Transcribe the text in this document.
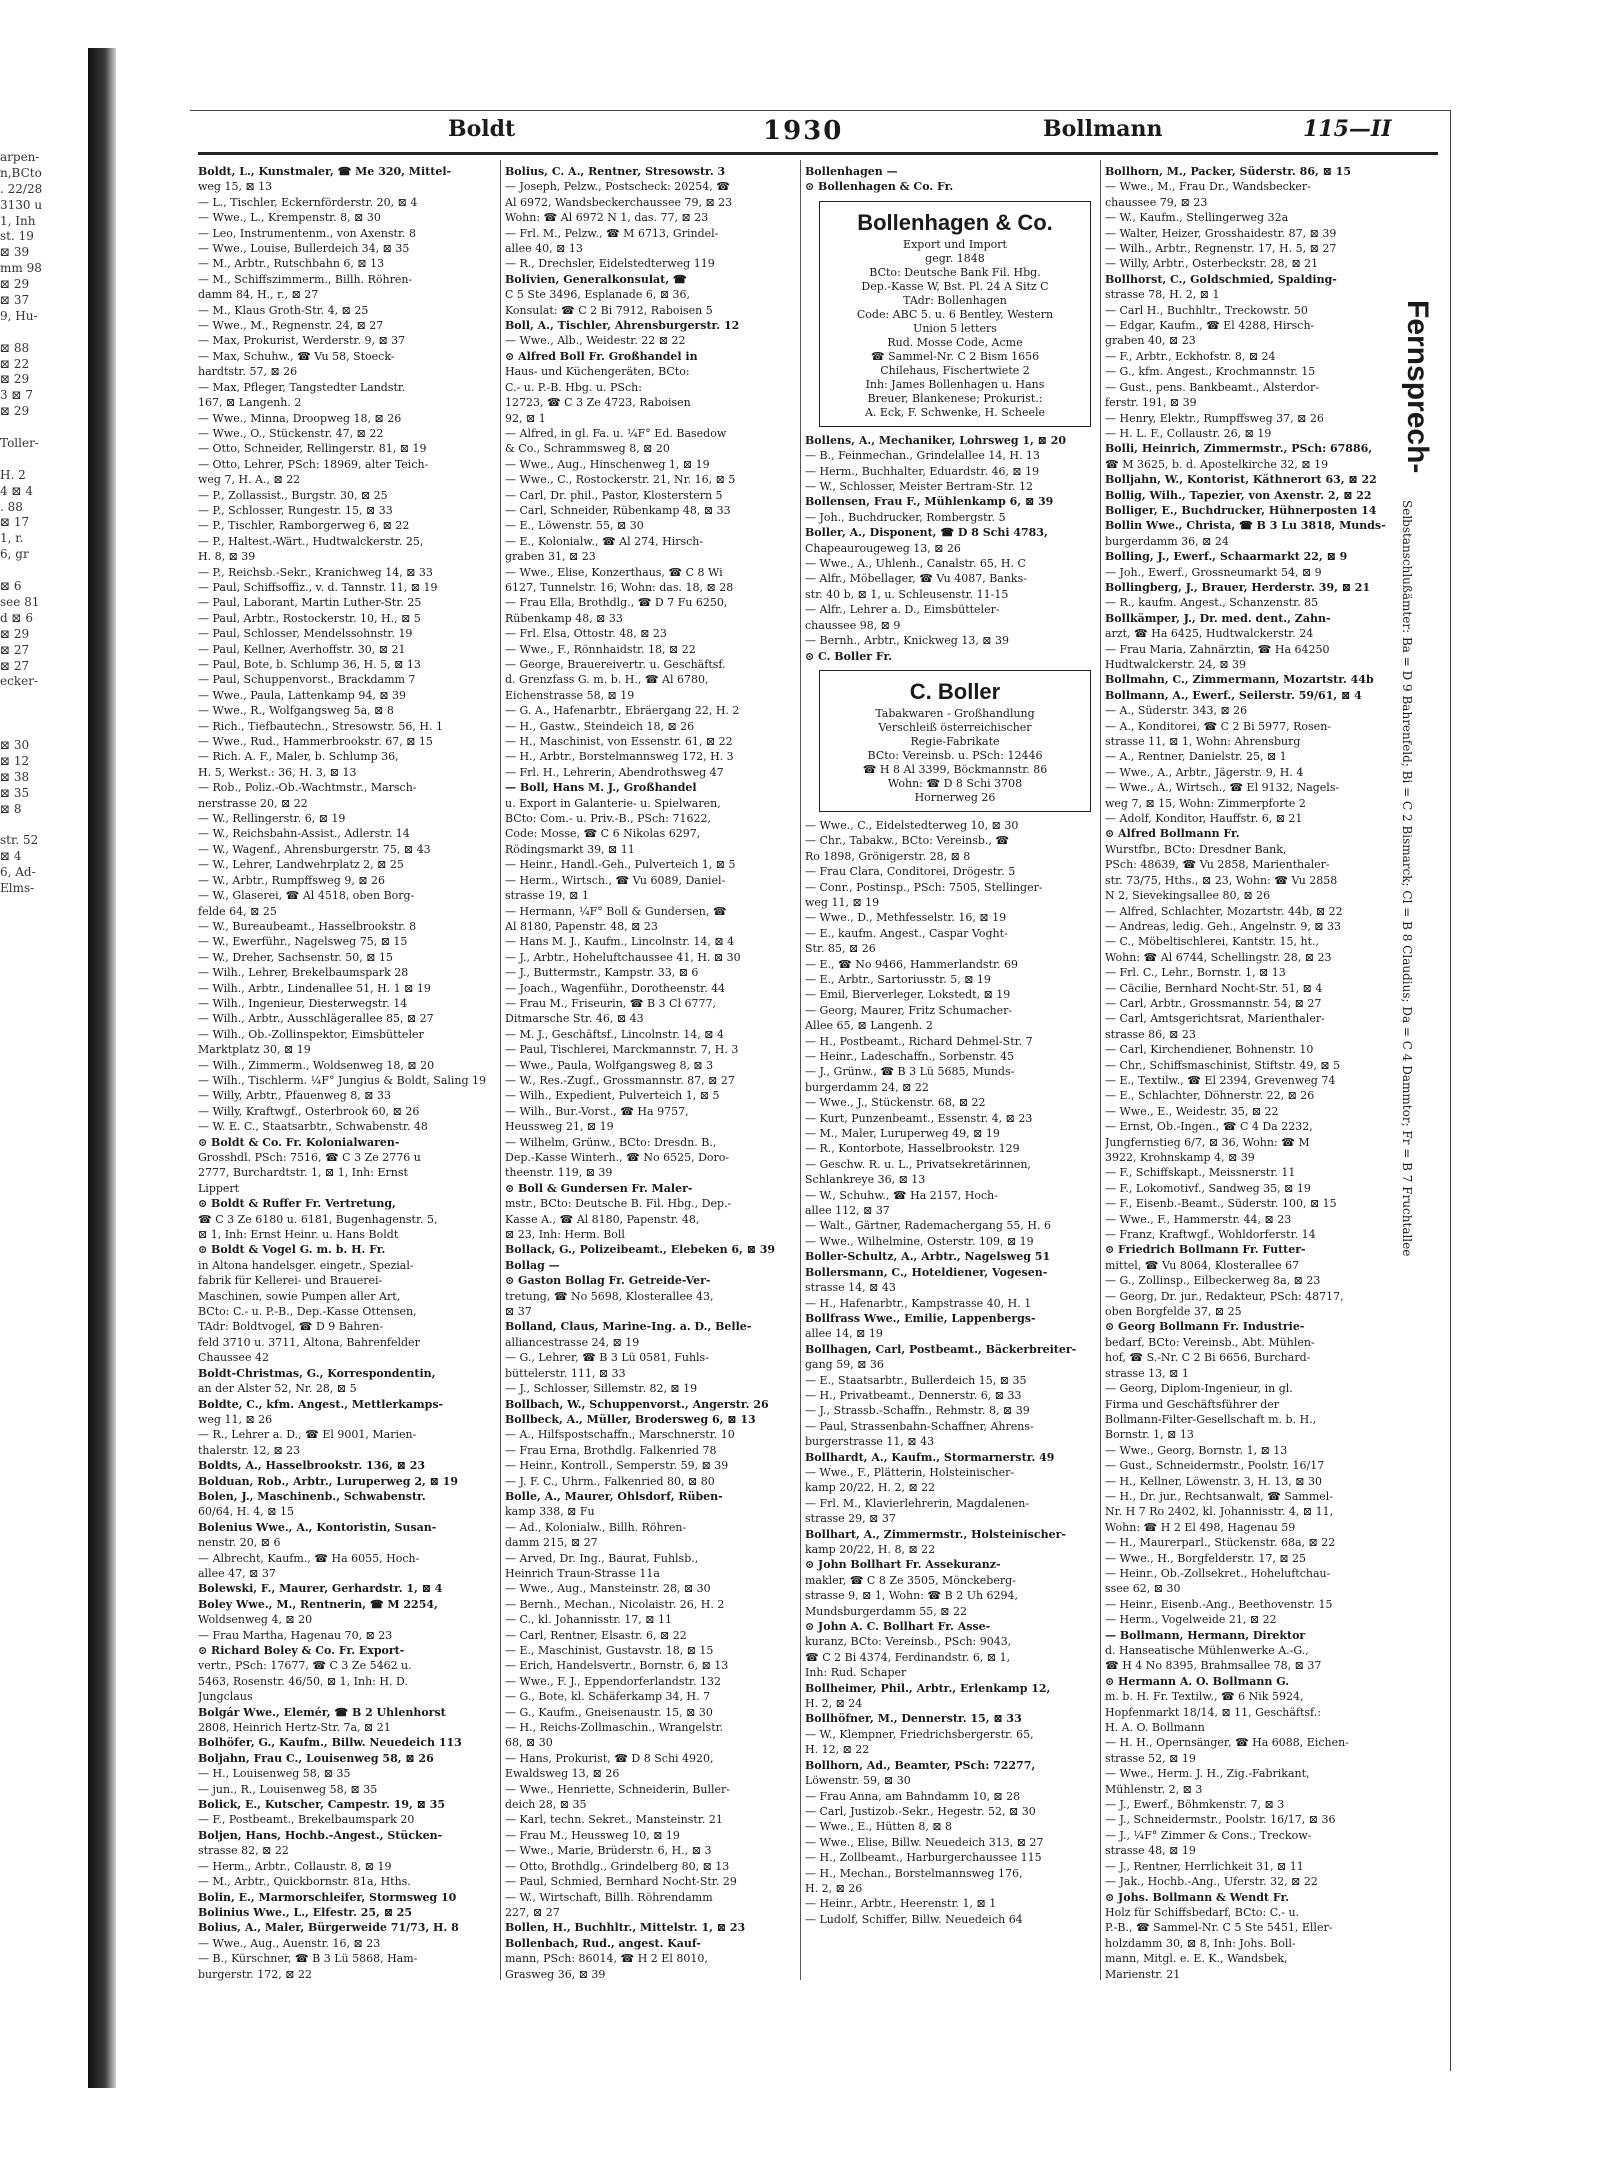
arpen-
n,BCto
. 22/28
3130 u
1, Inh
st. 19
⊠ 39
mm 98
⊠ 29
⊠ 37
9, Hu-
⊠ 88
⊠ 22
⊠ 29
3 ⊠ 7
⊠ 29
Toller-
H. 2
4 ⊠ 4
. 88
⊠ 17
1, r.
6, gr
⊠ 6
see 81
d ⊠ 6
⊠ 29
⊠ 27
⊠ 27
ecker-
⊠ 30
⊠ 12
⊠ 38
⊠ 35
⊠ 8
str. 52
⊠ 4
6, Ad-
Elms-
Boldt	1930	Bollmann	115—II
Boldt, L., Kunstmaler, ☎ Me 320, Mittel-
weg 15, ⊠ 13
— L., Tischler, Eckernförderstr. 20, ⊠ 4
— Wwe., L., Krempenstr. 8, ⊠ 30
— Leo, Instrumentenm., von Axenstr. 8
— Wwe., Louise, Bullerdeich 34, ⊠ 35
— M., Arbtr., Rutschbahn 6, ⊠ 13
— M., Schiffszimmerm., Billh. Röhren-
damm 84, H., r., ⊠ 27
— M., Klaus Groth-Str. 4, ⊠ 25
— Wwe., M., Regnenstr. 24, ⊠ 27
— Max, Prokurist, Werderstr. 9, ⊠ 37
— Max, Schuhw., ☎ Vu 58, Stoeck-
hardtstr. 57, ⊠ 26
— Max, Pfleger, Tangstedter Landstr.
167, ⊠ Langenh. 2
— Wwe., Minna, Droopweg 18, ⊠ 26
— Wwe., O., Stückenstr. 47, ⊠ 22
— Otto, Schneider, Rellingerstr. 81, ⊠ 19
— Otto, Lehrer, PSch: 18969, alter Teich-
weg 7, H. A., ⊠ 22
— P., Zollassist., Burgstr. 30, ⊠ 25
— P., Schlosser, Rungestr. 15, ⊠ 33
— P., Tischler, Ramborgerweg 6, ⊠ 22
— P., Haltest.-Wärt., Hudtwalckerstr. 25,
H. 8, ⊠ 39
— P., Reichsb.-Sekr., Kranichweg 14, ⊠ 33
— Paul, Schiffsoffiz., v. d. Tannstr. 11, ⊠ 19
— Paul, Laborant, Martin Luther-Str. 25
— Paul, Arbtr., Rostockerstr. 10, H., ⊠ 5
— Paul, Schlosser, Mendelssohnstr. 19
— Paul, Kellner, Averhoffstr. 30, ⊠ 21
— Paul, Bote, b. Schlump 36, H. 5, ⊠ 13
— Paul, Schuppenvorst., Brackdamm 7
— Wwe., Paula, Lattenkamp 94, ⊠ 39
— Wwe., R., Wolfgangsweg 5a, ⊠ 8
— Rich., Tiefbautechn., Stresowstr. 56, H. 1
— Wwe., Rud., Hammerbrookstr. 67, ⊠ 15
— Rich. A. F., Maler, b. Schlump 36,
H. 5, Werkst.: 36, H. 3, ⊠ 13
— Rob., Poliz.-Ob.-Wachtmstr., Marsch-
nerstrasse 20, ⊠ 22
— W., Rellingerstr. 6, ⊠ 19
— W., Reichsbahn-Assist., Adlerstr. 14
— W., Wagenf., Ahrensburgerstr. 75, ⊠ 43
— W., Lehrer, Landwehrplatz 2, ⊠ 25
— W., Arbtr., Rumpffsweg 9, ⊠ 26
— W., Glaserei, ☎ Al 4518, oben Borg-
felde 64, ⊠ 25
— W., Bureaubeamt., Hasselbrookstr. 8
— W., Ewerführ., Nagelsweg 75, ⊠ 15
— W., Dreher, Sachsenstr. 50, ⊠ 15
— Wilh., Lehrer, Brekelbaumspark 28
— Wilh., Arbtr., Lindenallee 51, H. 1 ⊠ 19
— Wilh., Ingenieur, Diesterwegstr. 14
— Wilh., Arbtr., Ausschlägerallee 85, ⊠ 27
— Wilh., Ob.-Zollinspektor, Eimsbütteler
Marktplatz 30, ⊠ 19
— Wilh., Zimmerm., Woldsenweg 18, ⊠ 20
— Wilh., Tischlerm. ¼F° Jungius & Boldt, Saling 19
— Willy, Arbtr., Pfauenweg 8, ⊠ 33
— Willy, Kraftwgf., Osterbrook 60, ⊠ 26
— W. E. C., Staatsarbtr., Schwabenstr. 48
⊙ Boldt & Co. Fr. Kolonialwaren-
Grosshdl. PSch: 7516, ☎ C 3 Ze 2776 u
2777, Burchardtstr. 1, ⊠ 1, Inh: Ernst
Lippert
⊙ Boldt & Ruffer Fr. Vertretung,
☎ C 3 Ze 6180 u. 6181, Bugenhagenstr. 5,
⊠ 1, Inh: Ernst Heinr. u. Hans Boldt
⊙ Boldt & Vogel G. m. b. H. Fr.
in Altona handelsger. eingetr., Spezial-
fabrik für Kellerei- und Brauerei-
Maschinen, sowie Pumpen aller Art,
BCto: C.- u. P.-B., Dep.-Kasse Ottensen,
TAdr: Boldtvogel, ☎ D 9 Bahren-
feld 3710 u. 3711, Altona, Bahrenfelder
Chaussee 42
Boldt-Christmas, G., Korrespondentin,
an der Alster 52, Nr. 28, ⊠ 5
Boldte, C., kfm. Angest., Mettlerkamps-
weg 11, ⊠ 26
— R., Lehrer a. D., ☎ El 9001, Marien-
thalerstr. 12, ⊠ 23
Boldts, A., Hasselbrookstr. 136, ⊠ 23
Bolduan, Rob., Arbtr., Luruperweg 2, ⊠ 19
Bolen, J., Maschinenb., Schwabenstr.
60/64, H. 4, ⊠ 15
Bolenius Wwe., A., Kontoristin, Susan-
nenstr. 20, ⊠ 6
— Albrecht, Kaufm., ☎ Ha 6055, Hoch-
allee 47, ⊠ 37
Bolewski, F., Maurer, Gerhardstr. 1, ⊠ 4
Boley Wwe., M., Rentnerin, ☎ M 2254,
Woldsenweg 4, ⊠ 20
— Frau Martha, Hagenau 70, ⊠ 23
⊙ Richard Boley & Co. Fr. Export-
vertr., PSch: 17677, ☎ C 3 Ze 5462 u.
5463, Rosenstr. 46/50, ⊠ 1, Inh: H. D.
Jungclaus
Bolgár Wwe., Elemér, ☎ B 2 Uhlenhorst
2808, Heinrich Hertz-Str. 7a, ⊠ 21
Bolhöfer, G., Kaufm., Billw. Neuedeich 113
Boljahn, Frau C., Louisenweg 58, ⊠ 26
— H., Louisenweg 58, ⊠ 35
— jun., R., Louisenweg 58, ⊠ 35
Bolick, E., Kutscher, Campestr. 19, ⊠ 35
— F., Postbeamt., Brekelbaumspark 20
Boljen, Hans, Hochb.-Angest., Stücken-
strasse 82, ⊠ 22
— Herm., Arbtr., Collaustr. 8, ⊠ 19
— M., Arbtr., Quickbornstr. 81a, Hths.
Bolin, E., Marmorschleifer, Stormsweg 10
Bolinius Wwe., L., Elfestr. 25, ⊠ 25
Bolius, A., Maler, Bürgerweide 71/73, H. 8
— Wwe., Aug., Auenstr. 16, ⊠ 23
— B., Kürschner, ☎ B 3 Lü 5868, Ham-
burgerstr. 172, ⊠ 22
Bolius, C. A., Rentner, Stresowstr. 3
— Joseph, Pelzw., Postscheck: 20254, ☎
Al 6972, Wandsbeckerchaussee 79, ⊠ 23
Wohn: ☎ Al 6972 N 1, das. 77, ⊠ 23
— Frl. M., Pelzw., ☎ M 6713, Grindel-
allee 40, ⊠ 13
— R., Drechsler, Eidelstedterweg 119
Bolivien, Generalkonsulat, ☎
C 5 Ste 3496, Esplanade 6, ⊠ 36,
Konsulat: ☎ C 2 Bi 7912, Raboisen 5
Boll, A., Tischler, Ahrensburgerstr. 12
— Wwe., Alb., Weidestr. 22 ⊠ 22
⊙ Alfred Boll Fr. Großhandel in
Haus- und Küchengeräten, BCto:
C.- u. P.-B. Hbg. u. PSch:
12723, ☎ C 3 Ze 4723, Raboisen
92, ⊠ 1
— Alfred, in gl. Fa. u. ¼F° Ed. Basedow
& Co., Schrammsweg 8, ⊠ 20
— Wwe., Aug., Hinschenweg 1, ⊠ 19
— Wwe., C., Rostockerstr. 21, Nr. 16, ⊠ 5
— Carl, Dr. phil., Pastor, Klosterstern 5
— Carl, Schneider, Rübenkamp 48, ⊠ 33
— E., Löwenstr. 55, ⊠ 30
— E., Kolonialw., ☎ Al 274, Hirsch-
graben 31, ⊠ 23
— Wwe., Elise, Konzerthaus, ☎ C 8 Wi
6127, Tunnelstr. 16, Wohn: das. 18, ⊠ 28
— Frau Ella, Brothdlg., ☎ D 7 Fu 6250,
Rübenkamp 48, ⊠ 33
— Frl. Elsa, Ottostr. 48, ⊠ 23
— Wwe., F., Rönnhaidstr. 18, ⊠ 22
— George, Brauereivertr. u. Geschäftsf.
d. Grenzfass G. m. b. H., ☎ Al 6780,
Eichenstrasse 58, ⊠ 19
— G. A., Hafenarbtr., Ebräergang 22, H. 2
— H., Gastw., Steindeich 18, ⊠ 26
— H., Maschinist, von Essenstr. 61, ⊠ 22
— H., Arbtr., Borstelmannsweg 172, H. 3
— Frl. H., Lehrerin, Abendrothsweg 47
— Boll, Hans M. J., Großhandel
u. Export in Galanterie- u. Spielwaren,
BCto: Com.- u. Priv.-B., PSch: 71622,
Code: Mosse, ☎ C 6 Nikolas 6297,
Rödingsmarkt 39, ⊠ 11
— Heinr., Handl.-Geh., Pulverteich 1, ⊠ 5
— Herm., Wirtsch., ☎ Vu 6089, Daniel-
strasse 19, ⊠ 1
— Hermann, ¼F° Boll & Gundersen, ☎
Al 8180, Papenstr. 48, ⊠ 23
— Hans M. J., Kaufm., Lincolnstr. 14, ⊠ 4
— J., Arbtr., Hoheluftchaussee 41, H. ⊠ 30
— J., Buttermstr., Kampstr. 33, ⊠ 6
— Joach., Wagenführ., Dorotheenstr. 44
— Frau M., Friseurin, ☎ B 3 Cl 6777,
Ditmarsche Str. 46, ⊠ 43
— M. J., Geschäftsf., Lincolnstr. 14, ⊠ 4
— Paul, Tischlerei, Marckmannstr. 7, H. 3
— Wwe., Paula, Wolfgangsweg 8, ⊠ 3
— W., Res.-Zugf., Grossmannstr. 87, ⊠ 27
— Wilh., Expedient, Pulverteich 1, ⊠ 5
— Wilh., Bur.-Vorst., ☎ Ha 9757,
Heussweg 21, ⊠ 19
— Wilhelm, Grünw., BCto: Dresdn. B.,
Dep.-Kasse Winterh., ☎ No 6525, Doro-
theenstr. 119, ⊠ 39
⊙ Boll & Gundersen Fr. Maler-
mstr., BCto: Deutsche B. Fil. Hbg., Dep.-
Kasse A., ☎ Al 8180, Papenstr. 48,
⊠ 23, Inh: Herm. Boll
Bollack, G., Polizeibeamt., Elebeken 6, ⊠ 39
Bollag —
⊙ Gaston Bollag Fr. Getreide-Ver-
tretung, ☎ No 5698, Klosterallee 43,
⊠ 37
Bolland, Claus, Marine-Ing. a. D., Belle-
alliancestrasse 24, ⊠ 19
— G., Lehrer, ☎ B 3 Lü 0581, Fuhls-
büttelerstr. 111, ⊠ 33
— J., Schlosser, Sillemstr. 82, ⊠ 19
Bollbach, W., Schuppenvorst., Angerstr. 26
Bollbeck, A., Müller, Brodersweg 6, ⊠ 13
— A., Hilfspostschaffn., Marschnerstr. 10
— Frau Erna, Brothdlg. Falkenried 78
— Heinr., Kontroll., Semperstr. 59, ⊠ 39
— J. F. C., Uhrm., Falkenried 80, ⊠ 80
Bolle, A., Maurer, Ohlsdorf, Rüben-
kamp 338, ⊠ Fu
— Ad., Kolonialw., Billh. Röhren-
damm 215, ⊠ 27
— Arved, Dr. Ing., Baurat, Fuhlsb.,
Heinrich Traun-Strasse 11a
— Wwe., Aug., Mansteinstr. 28, ⊠ 30
— Bernh., Mechan., Nicolaistr. 26, H. 2
— C., kl. Johannisstr. 17, ⊠ 11
— Carl, Rentner, Elsastr. 6, ⊠ 22
— E., Maschinist, Gustavstr. 18, ⊠ 15
— Erich, Handelsvertr., Bornstr. 6, ⊠ 13
— Wwe., F. J., Eppendorferlandstr. 132
— G., Bote, kl. Schäferkamp 34, H. 7
— G., Kaufm., Gneisenaustr. 15, ⊠ 30
— H., Reichs-Zollmaschin., Wrangelstr.
68, ⊠ 30
— Hans, Prokurist, ☎ D 8 Schi 4920,
Ewaldsweg 13, ⊠ 26
— Wwe., Henriette, Schneiderin, Buller-
deich 28, ⊠ 35
— Karl, techn. Sekret., Mansteinstr. 21
— Frau M., Heussweg 10, ⊠ 19
— Wwe., Marie, Brüderstr. 6, H., ⊠ 3
— Otto, Brothdlg., Grindelberg 80, ⊠ 13
— Paul, Schmied, Bernhard Nocht-Str. 29
— W., Wirtschaft, Billh. Röhrendamm
227, ⊠ 27
Bollen, H., Buchhltr., Mittelstr. 1, ⊠ 23
Bollenbach, Rud., angest. Kauf-
mann, PSch: 86014, ☎ H 2 El 8010,
Grasweg 36, ⊠ 39
Bollenhagen —
⊙ Bollenhagen & Co. Fr.
Bollenhagen & Co.
Export und Import
gegr. 1848
BCto: Deutsche Bank Fil. Hbg.
Dep.-Kasse W, Bst. Pl. 24 A Sitz C
TAdr: Bollenhagen
Code: ABC 5. u. 6 Bentley, Western
Union 5 letters
Rud. Mosse Code, Acme
☎ Sammel-Nr. C 2 Bism 1656
Chilehaus, Fischertwiete 2
Inh: James Bollenhagen u. Hans
Breuer, Blankenese; Prokurist.:
A. Eck, F. Schwenke, H. Scheele
Bollens, A., Mechaniker, Lohrsweg 1, ⊠ 20
— B., Feinmechan., Grindelallee 14, H. 13
— Herm., Buchhalter, Eduardstr. 46, ⊠ 19
— W., Schlosser, Meister Bertram-Str. 12
Bollensen, Frau F., Mühlenkamp 6, ⊠ 39
— Joh., Buchdrucker, Rombergstr. 5
Boller, A., Disponent, ☎ D 8 Schi 4783,
Chapeaurougeweg 13, ⊠ 26
— Wwe., A., Uhlenh., Canalstr. 65, H. C
— Alfr., Möbellager, ☎ Vu 4087, Banks-
str. 40 b, ⊠ 1, u. Schleusenstr. 11-15
— Alfr., Lehrer a. D., Eimsbütteler-
chaussee 98, ⊠ 9
— Bernh., Arbtr., Knickweg 13, ⊠ 39
⊙ C. Boller Fr.
C. Boller
Tabakwaren - Großhandlung
Verschleiß österreichischer
Regie-Fabrikate
BCto: Vereinsb. u. PSch: 12446
☎ H 8 Al 3399, Böckmannstr. 86
Wohn: ☎ D 8 Schi 3708
Hornerweg 26
— Wwe., C., Eidelstedterweg 10, ⊠ 30
— Chr., Tabakw., BCto: Vereinsb., ☎
Ro 1898, Grönigerstr. 28, ⊠ 8
— Frau Clara, Conditorei, Drögestr. 5
— Conr., Postinsp., PSch: 7505, Stellinger-
weg 11, ⊠ 19
— Wwe., D., Methfesselstr. 16, ⊠ 19
— E., kaufm. Angest., Caspar Voght-
Str. 85, ⊠ 26
— E., ☎ No 9466, Hammerlandstr. 69
— E., Arbtr., Sartoriusstr. 5, ⊠ 19
— Emil, Bierverleger, Lokstedt, ⊠ 19
— Georg, Maurer, Fritz Schumacher-
Allee 65, ⊠ Langenh. 2
— H., Postbeamt., Richard Dehmel-Str. 7
— Heinr., Ladeschaffn., Sorbenstr. 45
— J., Grünw., ☎ B 3 Lü 5685, Munds-
burgerdamm 24, ⊠ 22
— Wwe., J., Stückenstr. 68, ⊠ 22
— Kurt, Punzenbeamt., Essenstr. 4, ⊠ 23
— M., Maler, Luruperweg 49, ⊠ 19
— R., Kontorbote, Hasselbrookstr. 129
— Geschw. R. u. L., Privatsekretärinnen,
Schlankreye 36, ⊠ 13
— W., Schuhw., ☎ Ha 2157, Hoch-
allee 112, ⊠ 37
— Walt., Gärtner, Rademachergang 55, H. 6
— Wwe., Wilhelmine, Osterstr. 109, ⊠ 19
Boller-Schultz, A., Arbtr., Nagelsweg 51
Bollersmann, C., Hoteldiener, Vogesen-
strasse 14, ⊠ 43
— H., Hafenarbtr., Kampstrasse 40, H. 1
Bollfrass Wwe., Emilie, Lappenbergs-
allee 14, ⊠ 19
Bollhagen, Carl, Postbeamt., Bäckerbreiter-
gang 59, ⊠ 36
— E., Staatsarbtr., Bullerdeich 15, ⊠ 35
— H., Privatbeamt., Dennerstr. 6, ⊠ 33
— J., Strassb.-Schaffn., Rehmstr. 8, ⊠ 39
— Paul, Strassenbahn-Schaffner, Ahrens-
burgerstrasse 11, ⊠ 43
Bollhardt, A., Kaufm., Stormarnerstr. 49
— Wwe., F., Plätterin, Holsteinischer-
kamp 20/22, H. 2, ⊠ 22
— Frl. M., Klavierlehrerin, Magdalenen-
strasse 29, ⊠ 37
Bollhart, A., Zimmermstr., Holsteinischer-
kamp 20/22, H. 8, ⊠ 22
⊙ John Bollhart Fr. Assekuranz-
makler, ☎ C 8 Ze 3505, Mönckeberg-
strasse 9, ⊠ 1, Wohn: ☎ B 2 Uh 6294,
Mundsburgerdamm 55, ⊠ 22
⊙ John A. C. Bollhart Fr. Asse-
kuranz, BCto: Vereinsb., PSch: 9043,
☎ C 2 Bi 4374, Ferdinandstr. 6, ⊠ 1,
Inh: Rud. Schaper
Bollheimer, Phil., Arbtr., Erlenkamp 12,
H. 2, ⊠ 24
Bollhöfner, M., Dennerstr. 15, ⊠ 33
— W., Klempner, Friedrichsbergerstr. 65,
H. 12, ⊠ 22
Bollhorn, Ad., Beamter, PSch: 72277,
Löwenstr. 59, ⊠ 30
— Frau Anna, am Bahndamm 10, ⊠ 28
— Carl, Justizob.-Sekr., Hegestr. 52, ⊠ 30
— Wwe., E., Hütten 8, ⊠ 8
— Wwe., Elise, Billw. Neuedeich 313, ⊠ 27
— H., Zollbeamt., Harburgerchaussee 115
— H., Mechan., Borstelmannsweg 176,
H. 2, ⊠ 26
— Heinr., Arbtr., Heerenstr. 1, ⊠ 1
— Ludolf, Schiffer, Billw. Neuedeich 64
Bollhorn, M., Packer, Süderstr. 86, ⊠ 15
— Wwe., M., Frau Dr., Wandsbecker-
chaussee 79, ⊠ 23
— W., Kaufm., Stellingerweg 32a
— Walter, Heizer, Grosshaidestr. 87, ⊠ 39
— Wilh., Arbtr., Regnenstr. 17, H. 5, ⊠ 27
— Willy, Arbtr., Osterbeckstr. 28, ⊠ 21
Bollhorst, C., Goldschmied, Spalding-
strasse 78, H. 2, ⊠ 1
— Carl H., Buchhltr., Treckowstr. 50
— Edgar, Kaufm., ☎ El 4288, Hirsch-
graben 40, ⊠ 23
— F., Arbtr., Eckhofstr. 8, ⊠ 24
— G., kfm. Angest., Krochmannstr. 15
— Gust., pens. Bankbeamt., Alsterdor-
ferstr. 191, ⊠ 39
— Henry, Elektr., Rumpffsweg 37, ⊠ 26
— H. L. F., Collaustr. 26, ⊠ 19
Bolli, Heinrich, Zimmermstr., PSch: 67886,
☎ M 3625, b. d. Apostelkirche 32, ⊠ 19
Bolljahn, W., Kontorist, Käthnerort 63, ⊠ 22
Bollig, Wilh., Tapezier, von Axenstr. 2, ⊠ 22
Bolliger, E., Buchdrucker, Hühnerposten 14
Bollin Wwe., Christa, ☎ B 3 Lu 3818, Munds-
burgerdamm 36, ⊠ 24
Bolling, J., Ewerf., Schaarmarkt 22, ⊠ 9
— Joh., Ewerf., Grossneumarkt 54, ⊠ 9
Bollingberg, J., Brauer, Herderstr. 39, ⊠ 21
— R., kaufm. Angest., Schanzenstr. 85
Bollkämper, J., Dr. med. dent., Zahn-
arzt, ☎ Ha 6425, Hudtwalckerstr. 24
— Frau Maria, Zahnärztin, ☎ Ha 64250
Hudtwalckerstr. 24, ⊠ 39
Bollmahn, C., Zimmermann, Mozartstr. 44b
Bollmann, A., Ewerf., Seilerstr. 59/61, ⊠ 4
— A., Süderstr. 343, ⊠ 26
— A., Konditorei, ☎ C 2 Bi 5977, Rosen-
strasse 11, ⊠ 1, Wohn: Ahrensburg
— A., Rentner, Danielstr. 25, ⊠ 1
— Wwe., A., Arbtr., Jägerstr. 9, H. 4
— Wwe., A., Wirtsch., ☎ El 9132, Nagels-
weg 7, ⊠ 15, Wohn: Zimmerpforte 2
— Adolf, Konditor, Hauffstr. 6, ⊠ 21
⊙ Alfred Bollmann Fr.
Wurstfbr., BCto: Dresdner Bank,
PSch: 48639, ☎ Vu 2858, Marienthaler-
str. 73/75, Hths., ⊠ 23, Wohn: ☎ Vu 2858
N 2, Sievekingsallee 80, ⊠ 26
— Alfred, Schlachter, Mozartstr. 44b, ⊠ 22
— Andreas, ledig. Geh., Angelnstr. 9, ⊠ 33
— C., Möbeltischlerei, Kantstr. 15, ht.,
Wohn: ☎ Al 6744, Schellingstr. 28, ⊠ 23
— Frl. C., Lehr., Bornstr. 1, ⊠ 13
— Cäcilie, Bernhard Nocht-Str. 51, ⊠ 4
— Carl, Arbtr., Grossmannstr. 54, ⊠ 27
— Carl, Amtsgerichtsrat, Marienthaler-
strasse 86, ⊠ 23
— Carl, Kirchendiener, Bohnenstr. 10
— Chr., Schiffsmaschinist, Stiftstr. 49, ⊠ 5
— E., Textilw., ☎ El 2394, Grevenweg 74
— E., Schlachter, Döhnerstr. 22, ⊠ 26
— Wwe., E., Weidestr. 35, ⊠ 22
— Ernst, Ob.-Ingen., ☎ C 4 Da 2232,
Jungfernstieg 6/7, ⊠ 36, Wohn: ☎ M
3922, Krohnskamp 4, ⊠ 39
— F., Schiffskapt., Meissnerstr. 11
— F., Lokomotivf., Sandweg 35, ⊠ 19
— F., Eisenb.-Beamt., Süderstr. 100, ⊠ 15
— Wwe., F., Hammerstr. 44, ⊠ 23
— Franz, Kraftwgf., Wohldorferstr. 14
⊙ Friedrich Bollmann Fr. Futter-
mittel, ☎ Vu 8064, Klosterallee 67
— G., Zollinsp., Eilbeckerweg 8a, ⊠ 23
— Georg, Dr. jur., Redakteur, PSch: 48717,
oben Borgfelde 37, ⊠ 25
⊙ Georg Bollmann Fr. Industrie-
bedarf, BCto: Vereinsb., Abt. Mühlen-
hof, ☎ S.-Nr. C 2 Bi 6656, Burchard-
strasse 13, ⊠ 1
— Georg, Diplom-Ingenieur, in gl.
Firma und Geschäftsführer der
Bollmann-Filter-Gesellschaft m. b. H.,
Bornstr. 1, ⊠ 13
— Wwe., Georg, Bornstr. 1, ⊠ 13
— Gust., Schneidermstr., Poolstr. 16/17
— H., Kellner, Löwenstr. 3, H. 13, ⊠ 30
— H., Dr. jur., Rechtsanwalt, ☎ Sammel-
Nr. H 7 Ro 2402, kl. Johannisstr. 4, ⊠ 11,
Wohn: ☎ H 2 El 498, Hagenau 59
— H., Maurerparl., Stückenstr. 68a, ⊠ 22
— Wwe., H., Borgfelderstr. 17, ⊠ 25
— Heinr., Ob.-Zollsekret., Hoheluftchau-
ssee 62, ⊠ 30
— Heinr., Eisenb.-Ang., Beethovenstr. 15
— Herm., Vogelweide 21, ⊠ 22
— Bollmann, Hermann, Direktor
d. Hanseatische Mühlenwerke A.-G.,
☎ H 4 No 8395, Brahmsallee 78, ⊠ 37
⊙ Hermann A. O. Bollmann G.
m. b. H. Fr. Textilw., ☎ 6 Nik 5924,
Hopfenmarkt 18/14, ⊠ 11, Geschäftsf.:
H. A. O. Bollmann
— H. H., Opernsänger, ☎ Ha 6088, Eichen-
strasse 52, ⊠ 19
— Wwe., Herm. J. H., Zig.-Fabrikant,
Mühlenstr. 2, ⊠ 3
— J., Ewerf., Böhmkenstr. 7, ⊠ 3
— J., Schneidermstr., Poolstr. 16/17, ⊠ 36
— J., ¼F° Zimmer & Cons., Treckow-
strasse 48, ⊠ 19
— J., Rentner, Herrlichkeit 31, ⊠ 11
— Jak., Hochb.-Ang., Uferstr. 32, ⊠ 22
⊙ Johs. Bollmann & Wendt Fr.
Holz für Schiffsbedarf, BCto: C.- u.
P.-B., ☎ Sammel-Nr. C 5 Ste 5451, Eller-
holzdamm 30, ⊠ 8, Inh: Johs. Boll-
mann, Mitgl. e. E. K., Wandsbek,
Marienstr. 21
Fernsprech-
Selbstanschlußämter: Ba = D 9 Bahrenfeld; Bi = C 2 Bismarck; Cl = B 8 Claudius; Da = C 4 Dammtor; Fr = B 7 Fruchtallee
